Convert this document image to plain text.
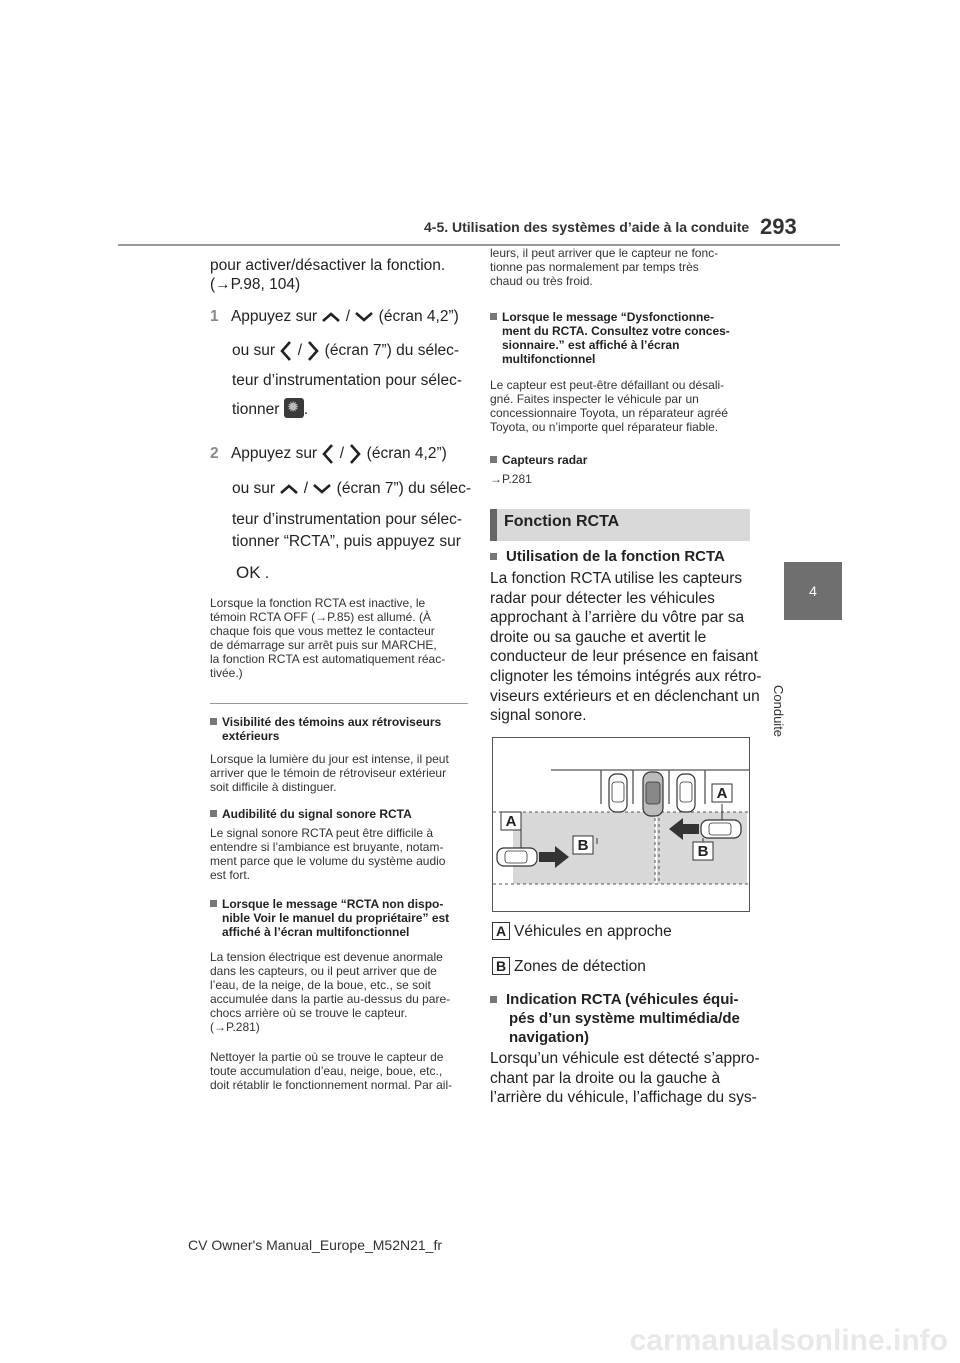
4-5. Utilisation des systèmes d’aide à la conduite 293
4
Conduite
pour activer/désactiver la fonction.
(→P.98, 104)
1 Appuyez sur / (écran 4,2”)
ou sur / (écran 7”) du sélec-
teur d’instrumentation pour sélec-
tionner ✹ .
2 Appuyez sur / (écran 4,2”)
ou sur / (écran 7”) du sélec-
teur d’instrumentation pour sélec-
tionner “RCTA”, puis appuyez sur
OK .
Lorsque la fonction RCTA est inactive, le
témoin RCTA OFF (→P.85) est allumé. (À
chaque fois que vous mettez le contacteur
de démarrage sur arrêt puis sur MARCHE,
la fonction RCTA est automatiquement réac-
tivée.)
Visibilité des témoins aux rétroviseurs
extérieurs
Lorsque la lumière du jour est intense, il peut
arriver que le témoin de rétroviseur extérieur
soit difficile à distinguer.
Audibilité du signal sonore RCTA
Le signal sonore RCTA peut être difficile à
entendre si l’ambiance est bruyante, notam-
ment parce que le volume du système audio
est fort.
Lorsque le message “RCTA non dispo-
nible Voir le manuel du propriétaire” est
affiché à l’écran multifonctionnel
La tension électrique est devenue anormale
dans les capteurs, ou il peut arriver que de
l’eau, de la neige, de la boue, etc., se soit
accumulée dans la partie au-dessus du pare-
chocs arrière où se trouve le capteur.
(→P.281)
Nettoyer la partie où se trouve le capteur de
toute accumulation d’eau, neige, boue, etc.,
doit rétablir le fonctionnement normal. Par ail-
leurs, il peut arriver que le capteur ne fonc-
tionne pas normalement par temps très
chaud ou très froid.
Lorsque le message “Dysfonctionne-
ment du RCTA. Consultez votre conces-
sionnaire.” est affiché à l’écran
multifonctionnel
Le capteur est peut-être défaillant ou désali-
gné. Faites inspecter le véhicule par un
concessionnaire Toyota, un réparateur agréé
Toyota, ou n’importe quel réparateur fiable.
Capteurs radar
→P.281
Fonction RCTA
Utilisation de la fonction RCTA
La fonction RCTA utilise les capteurs
radar pour détecter les véhicules
approchant à l’arrière du vôtre par sa
droite ou sa gauche et avertit le
conducteur de leur présence en faisant
clignoter les témoins intégrés aux rétro-
viseurs extérieurs et en déclenchant un
signal sonore.
A
A
B	B
A Véhicules en approche
B Zones de détection
Indication RCTA (véhicules équi-
pés d’un système multimédia/de
navigation)
Lorsqu’un véhicule est détecté s’appro-
chant par la droite ou la gauche à
l’arrière du véhicule, l’affichage du sys-
CV Owner's Manual_Europe_M52N21_fr
carmanualsonline.info
